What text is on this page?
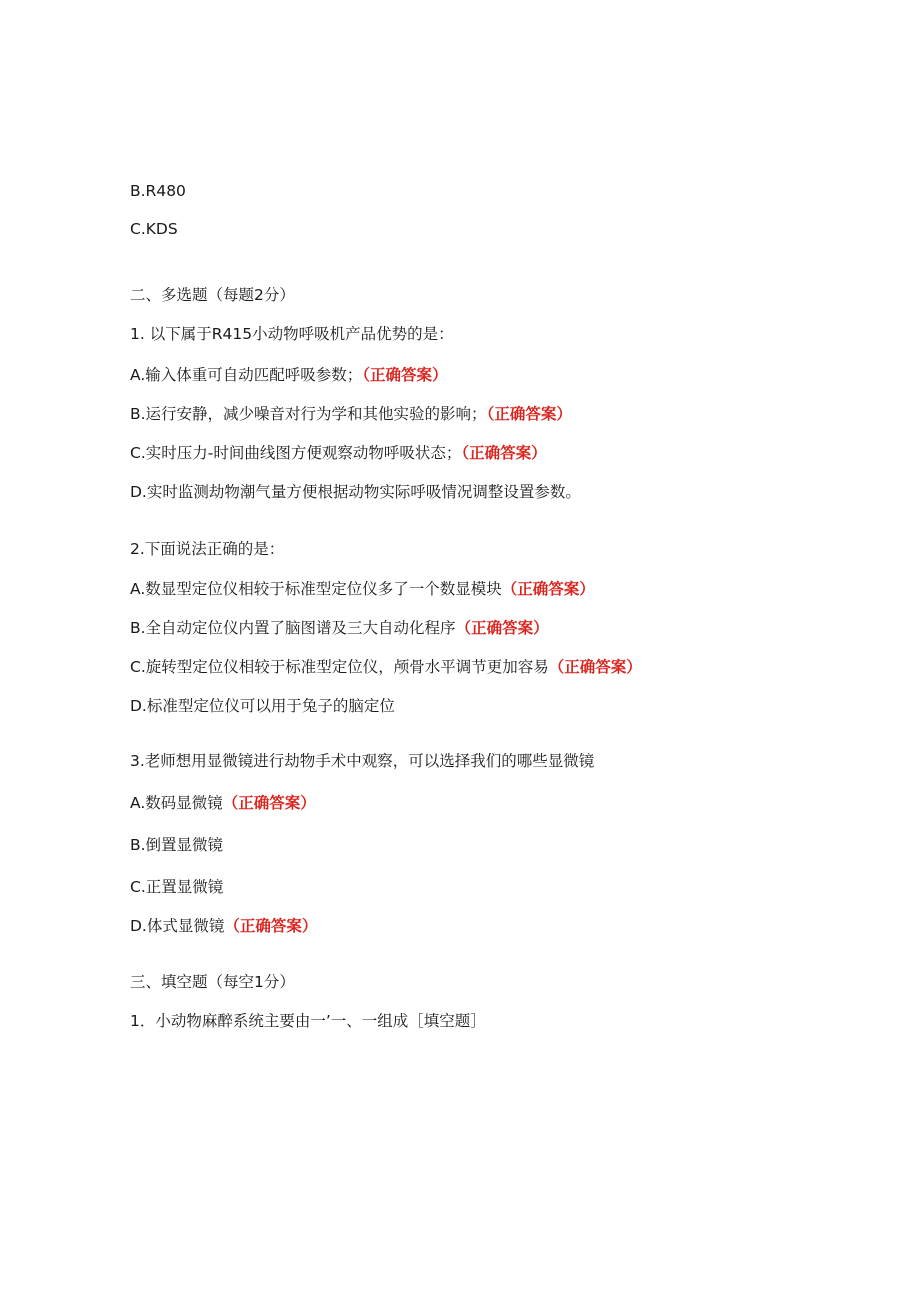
B.R480
C.KDS
二、多选题（每题2分）
1. 以下属于R415小动物呼吸机产品优势的是：
A.输入体重可自动匹配呼吸参数；（正确答案）
B.运行安静，减少噪音对行为学和其他实验的影响；（正确答案）
C.实时压力-时间曲线图方便观察动物呼吸状态；（正确答案）
D.实时监测劫物潮气量方便根据动物实际呼吸情况调整设置参数。
2.下面说法正确的是：
A.数显型定位仪相较于标准型定位仪多了一个数显模块（正确答案）
B.全自动定位仪内置了脑图谱及三大自动化程序（正确答案）
C.旋转型定位仪相较于标准型定位仪，颅骨水平调节更加容易（正确答案）
D.标准型定位仪可以用于兔子的脑定位
3.老师想用显微镜进行劫物手术中观察，可以选择我们的哪些显微镜
A.数码显微镜（正确答案）
B.倒置显微镜
C.正置显微镜
D.体式显微镜（正确答案）
三、填空题（每空1分）
1．小动物麻醉系统主要由一’一、一组成［填空题］
